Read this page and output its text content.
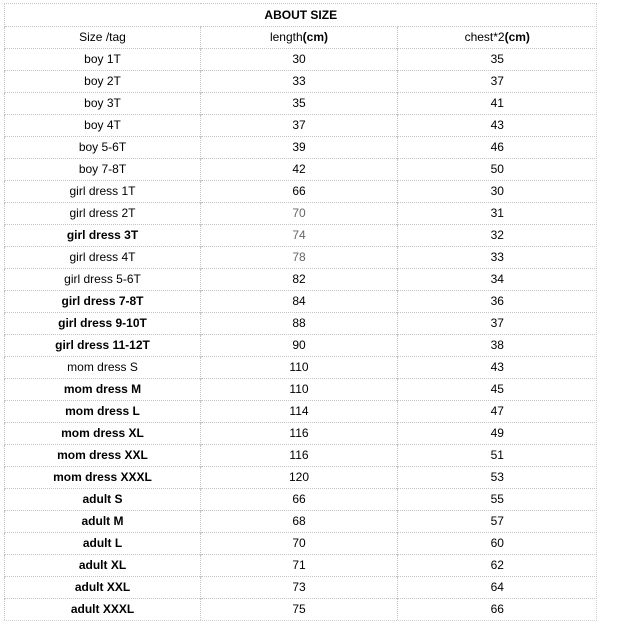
ABOUT SIZE		
Size /tag	length(cm)	chest*2(cm)
boy 1T	30	35
boy 2T	33	37
boy 3T	35	41
boy 4T	37	43
boy 5-6T	39	46
boy 7-8T	42	50
girl dress 1T	66	30
girl dress 2T	70	31
girl dress 3T	74	32
girl dress 4T	78	33
girl dress 5-6T	82	34
girl dress 7-8T	84	36
girl dress 9-10T	88	37
girl dress 11-12T	90	38
mom dress S	110	43
mom dress M	110	45
mom dress L	114	47
mom dress XL	116	49
mom dress XXL	116	51
mom dress XXXL	120	53
adult S	66	55
adult M	68	57
adult L	70	60
adult XL	71	62
adult XXL	73	64
adult XXXL	75	66
